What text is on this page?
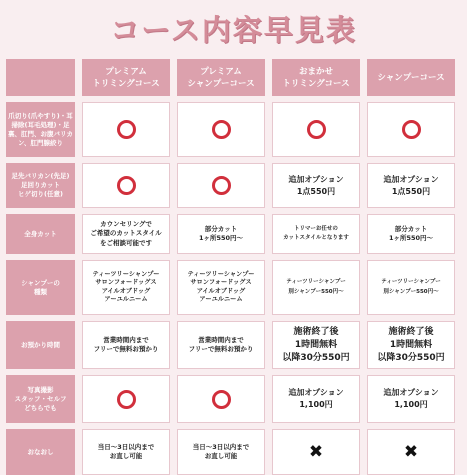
コース内容早見表
プレミアム
トリミングコース
プレミアム
シャンプーコース
おまかせ
トリミングコース
シャンプーコース
爪切り(爪やすり)・耳掃除(耳毛処理)・足裏、肛門、お腹バリカン、肛門腺絞り
足先バリカン(先足)
足回りカット
ヒゲ切り(任意)
追加オプション
1点550円
追加オプション
1点550円
全身カット
カウンセリングで
ご希望のカットスタイル
をご相談可能です
部分カット
1ヶ所550円〜
トリマーお任せの
カットスタイルとなります
部分カット
1ヶ所550円〜
シャンプーの
種類
ティーツリーシャンプー
サロンフォードッグス
アイルオブドッグ
アーユルニーム
ティーツリーシャンプー
サロンフォードッグス
アイルオブドッグ
アーユルニーム
ティーツリーシャンプー
別シャンプー550円〜
ティーツリーシャンプー
別シャンプー550円〜
お預かり時間
営業時間内まで
フリーで無料お預かり
営業時間内まで
フリーで無料お預かり
施術終了後
1時間無料
以降30分550円
施術終了後
1時間無料
以降30分550円
写真撮影
スタッフ・セルフ
どちらでも
追加オプション
1,100円
追加オプション
1,100円
おなおし
当日〜3日以内まで
お直し可能
当日〜3日以内まで
お直し可能	✖	✖
